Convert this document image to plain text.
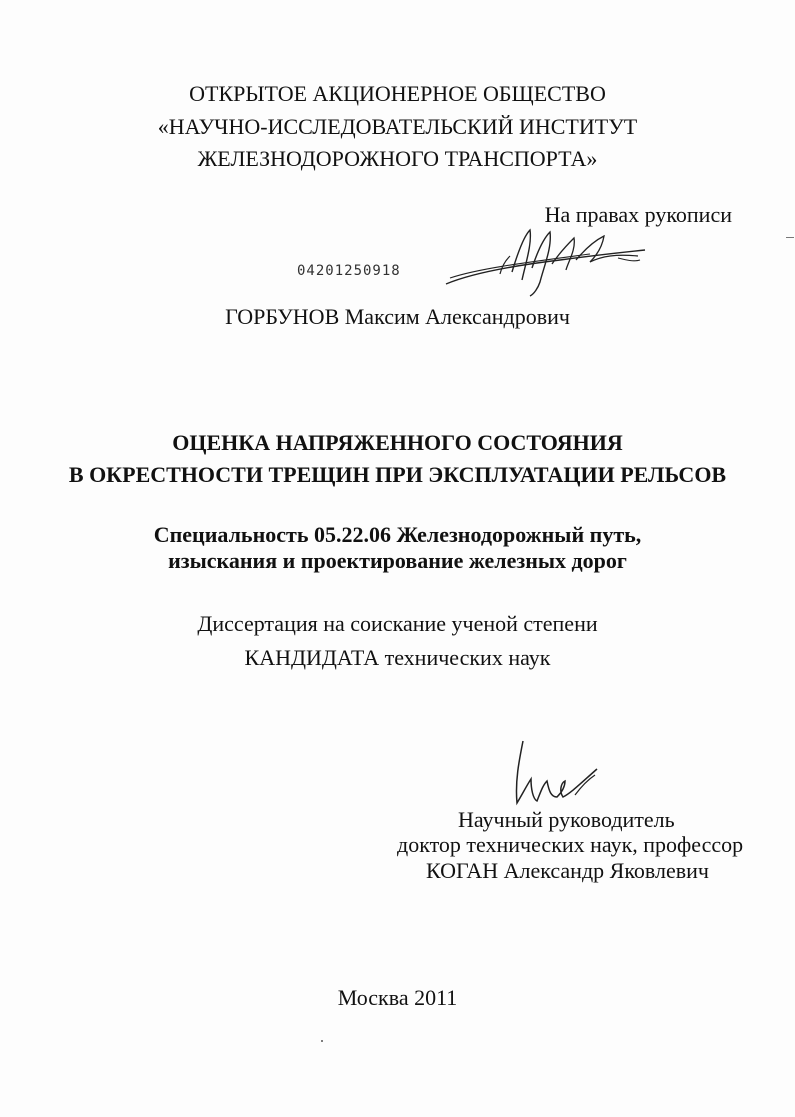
ОТКРЫТОЕ АКЦИОНЕРНОЕ ОБЩЕСТВО
«НАУЧНО-ИССЛЕДОВАТЕЛЬСКИЙ ИНСТИТУТ
ЖЕЛЕЗНОДОРОЖНОГО ТРАНСПОРТА»
На правах рукописи
04201250918
ГОРБУНОВ Максим Александрович
ОЦЕНКА НАПРЯЖЕННОГО СОСТОЯНИЯ
В ОКРЕСТНОСТИ ТРЕЩИН ПРИ ЭКСПЛУАТАЦИИ РЕЛЬСОВ
Специальность 05.22.06 Железнодорожный путь,
изыскания и проектирование железных дорог
Диссертация на соискание ученой степени
КАНДИДАТА технических наук
Научный руководитель
доктор технических наук, профессор
КОГАН Александр Яковлевич
Москва 2011
